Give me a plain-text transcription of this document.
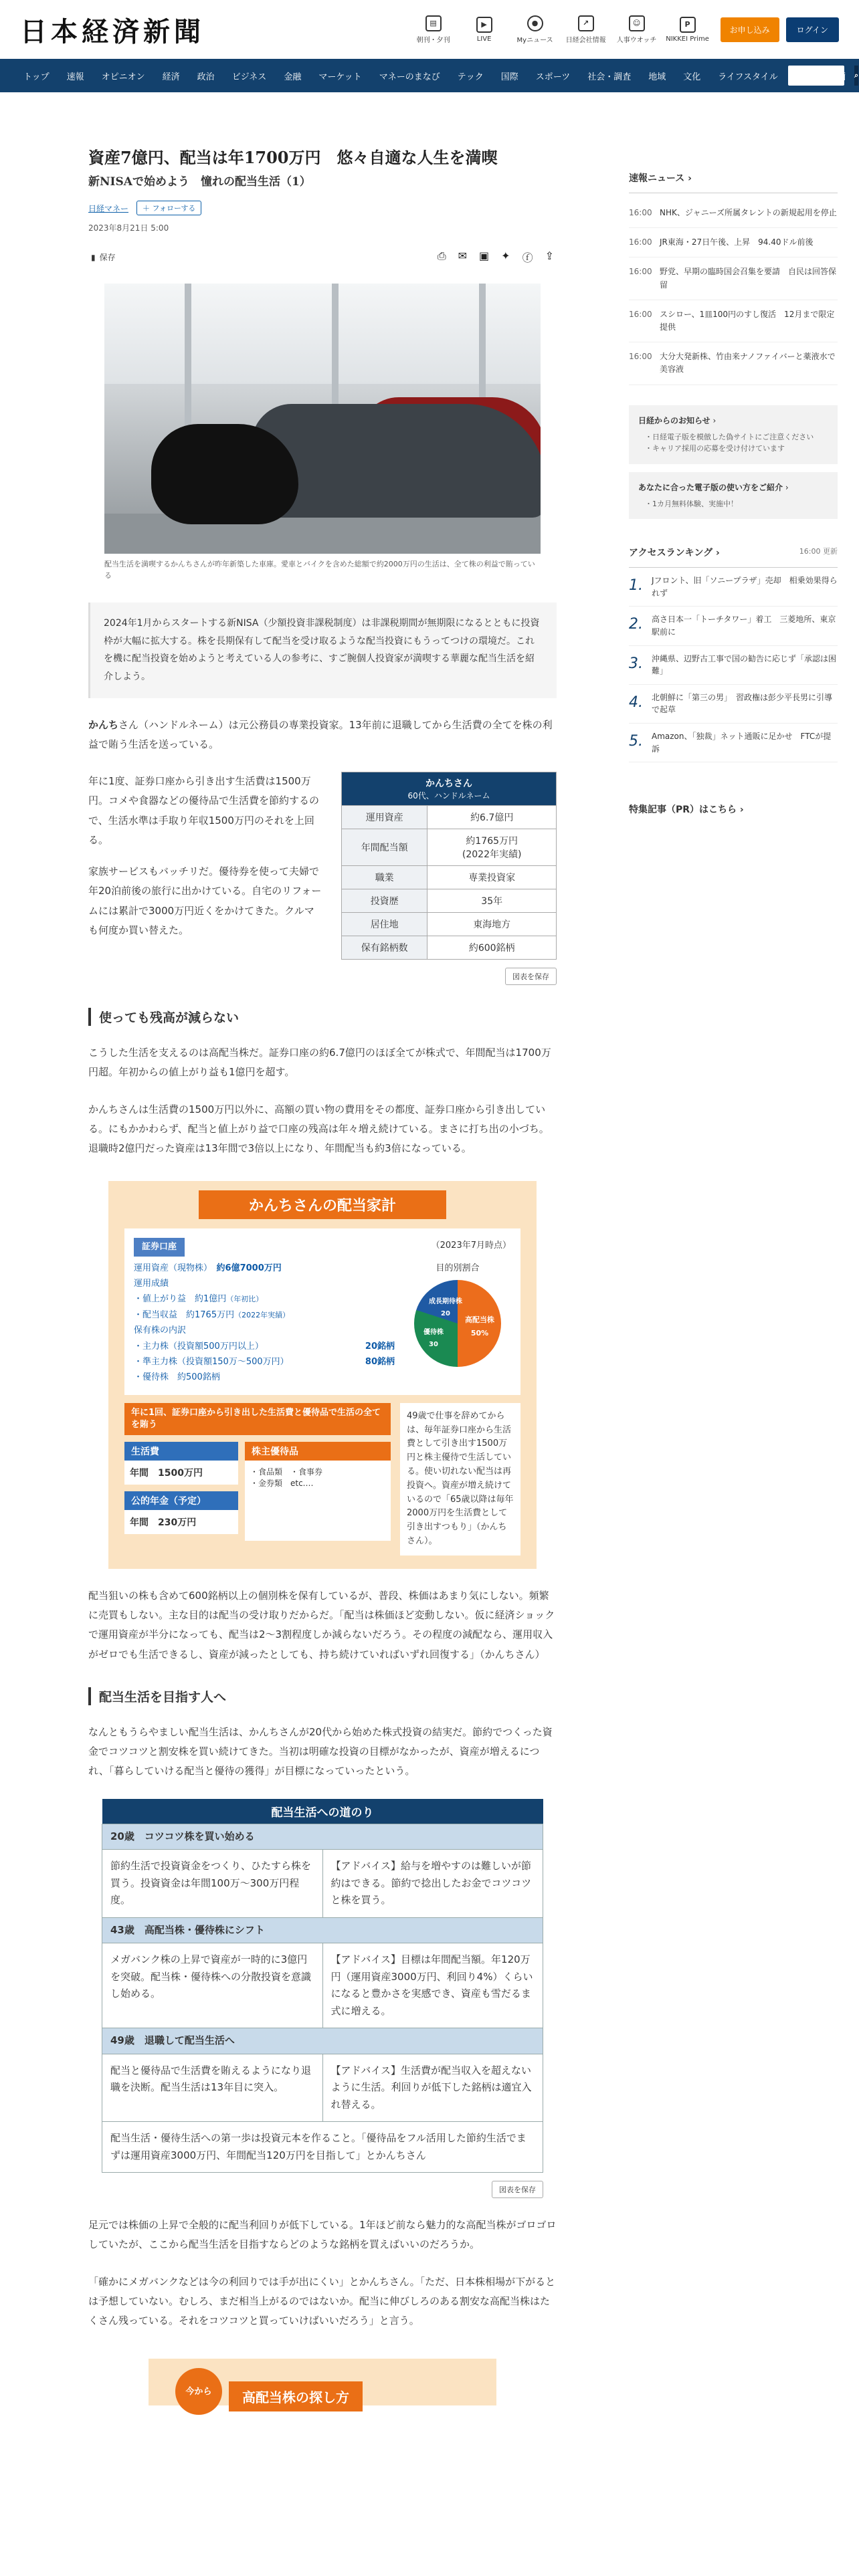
日本経済新聞	▤
朝刊・夕刊
▶
LIVE
●
Myニュース
↗
日経会社情報
☺
人事ウオッチ
P
NIKKEI Prime
お申し込み	ログイン
トップ	速報	オピニオン	経済	政治	ビジネス	金融	マーケット	マネーのまなび	テック	国際	スポーツ	社会・調査	地域	文化	ライフスタイル	記事・銘柄	⌕
資産7億円、配当は年1700万円　悠々自適な人生を満喫
新NISAで始めよう　憧れの配当生活（1）
日経マネー	＋ フォローする
2023年8月21日 5:00
▮ 保存	⎙ ✉ ▣ ✦ ⓕ ⇪
配当生活を満喫するかんちさんが昨年新築した車庫。愛車とバイクを含めた総額で約2000万円の生活は、全て株の利益で賄っている
2024年1月からスタートする新NISA（少額投資非課税制度）は非課税期間が無期限になるとともに投資枠が大幅に拡大する。株を長期保有して配当を受け取るような配当投資にもうってつけの環境だ。これを機に配当投資を始めようと考えている人の参考に、すご腕個人投資家が満喫する華麗な配当生活を紹介しよう。

かんちさん（ハンドルネーム）は元公務員の専業投資家。13年前に退職してから生活費の全てを株の利益で賄う生活を送っている。

年に1度、証券口座から引き出す生活費は1500万円。コメや食器などの優待品で生活費を節約するので、生活水準は手取り年収1500万円のそれを上回る。

家族サービスもバッチリだ。優待券を使って夫婦で年20泊前後の旅行に出かけている。自宅のリフォームには累計で3000万円近くをかけてきた。クルマも何度か買い替えた。

かんちさん
60代、ハンドルネーム	

運用資産	約6.7億円
年間配当額	約1765万円
(2022年実績)
職業	専業投資家
投資歴	35年
居住地	東海地方
保有銘柄数	約600銘柄
図表を保存
使っても残高が減らない

こうした生活を支えるのは高配当株だ。証券口座の約6.7億円のほぼ全てが株式で、年間配当は1700万円超。年初からの値上がり益も1億円を超す。

かんちさんは生活費の1500万円以外に、高額の買い物の費用をその都度、証券口座から引き出している。にもかかわらず、配当と値上がり益で口座の残高は年々増え続けている。まさに打ち出の小づち。退職時2億円だった資産は13年間で3倍以上になり、年間配当も約3倍になっている。

かんちさんの配当家計
証券口座	（2023年7月時点）
運用資産（現物株）　 約6億7000万円
運用成績
・値上がり益　約1億円（年初比）
・配当収益　約1765万円（2022年実績）
保有株の内訳
・主力株（投資額500万円以上）	20銘柄
・準主力株（投資額150万〜500万円）	80銘柄
・優待株　約500銘柄
目的別割合
成長期待株
20
優待株
30
高配当株
50%
年に1回、証券口座から引き出した生活費と優待品で生活の全てを賄う
生活費
年間　1500万円
公的年金（予定）
年間　230万円
株主優待品
・食品類　・食事券
・金券類　etc.…
49歳で仕事を辞めてからは、毎年証券口座から生活費として引き出す1500万円と株主優待で生活している。使い切れない配当は再投資へ。資産が増え続けているので「65歳以降は毎年2000万円を生活費として引き出すつもり」（かんちさん）。

配当狙いの株も含めて600銘柄以上の個別株を保有しているが、普段、株価はあまり気にしない。頻繁に売買もしない。主な目的は配当の受け取りだからだ。「配当は株価ほど変動しない。仮に経済ショックで運用資産が半分になっても、配当は2〜3割程度しか減らないだろう。その程度の減配なら、運用収入がゼロでも生活できるし、資産が減ったとしても、持ち続けていればいずれ回復する」（かんちさん）

配当生活を目指す人へ

なんともうらやましい配当生活は、かんちさんが20代から始めた株式投資の結実だ。節約でつくった資金でコツコツと割安株を買い続けてきた。当初は明確な投資の目標がなかったが、資産が増えるにつれ、「暮らしていける配当と優待の獲得」が目標になっていったという。

配当生活への道のり	
20歳　コツコツ株を買い始める	
節約生活で投資資金をつくり、ひたすら株を買う。投資資金は年間100万〜300万円程度。	【アドバイス】給与を増やすのは難しいが節約はできる。節約で捻出したお金でコツコツと株を買う。
43歳　高配当株・優待株にシフト	
メガバンク株の上昇で資産が一時的に3億円を突破。配当株・優待株への分散投資を意識し始める。	【アドバイス】目標は年間配当額。年120万円（運用資産3000万円、利回り4%）くらいになると豊かさを実感でき、資産も雪だるま式に増える。
49歳　退職して配当生活へ	
配当と優待品で生活費を賄えるようになり退職を決断。配当生活は13年目に突入。	【アドバイス】生活費が配当収入を超えないように生活。利回りが低下した銘柄は適宜入れ替える。
配当生活・優待生活への第一歩は投資元本を作ること。「優待品をフル活用した節約生活でまずは運用資産3000万円、年間配当120万円を目指して」とかんちさん	
図表を保存

足元では株価の上昇で全般的に配当利回りが低下している。1年ほど前なら魅力的な高配当株がゴロゴロしていたが、ここから配当生活を目指すならどのような銘柄を買えばいいのだろうか。

「確かにメガバンクなどは今の利回りでは手が出にくい」とかんちさん。「ただ、日本株相場が下がるとは予想していない。むしろ、まだ相当上がるのではないか。配当に伸びしろのある割安な高配当株はたくさん残っている。それをコツコツと買っていけばいいだろう」と言う。

今から	高配当株の探し方
速報ニュース ›
16:00 NHK、ジャニーズ所属タレントの新規起用を停止
16:00 JR東海・27日午後、上昇　94.40ドル前後
16:00 野党、早期の臨時国会召集を要請　自民は回答保留
16:00 スシロー、1皿100円のすし復活　12月まで限定提供
16:00 大分大発新株、竹由来ナノファイバーと薬液水で美容液
日経からのお知らせ ›
・日経電子版を模倣した偽サイトにご注意ください
・キャリア採用の応募を受け付けています
あなたに合った電子版の使い方をご紹介 ›
・1カ月無料体験、実施中！
アクセスランキング ›	16:00 更新
1. Jフロント、旧「ソニープラザ」売却　相乗効果得られず
2. 高さ日本一「トーチタワー」着工　三菱地所、東京駅前に
3. 沖縄県、辺野古工事で国の勧告に応じず「承認は困難」
4. 北朝鮮に「第三の男」　習政権は彭少平長男に引導で起草
5. Amazon、「独裁」ネット通販に足かせ　FTCが提訴
特集記事（PR）はこちら ›
